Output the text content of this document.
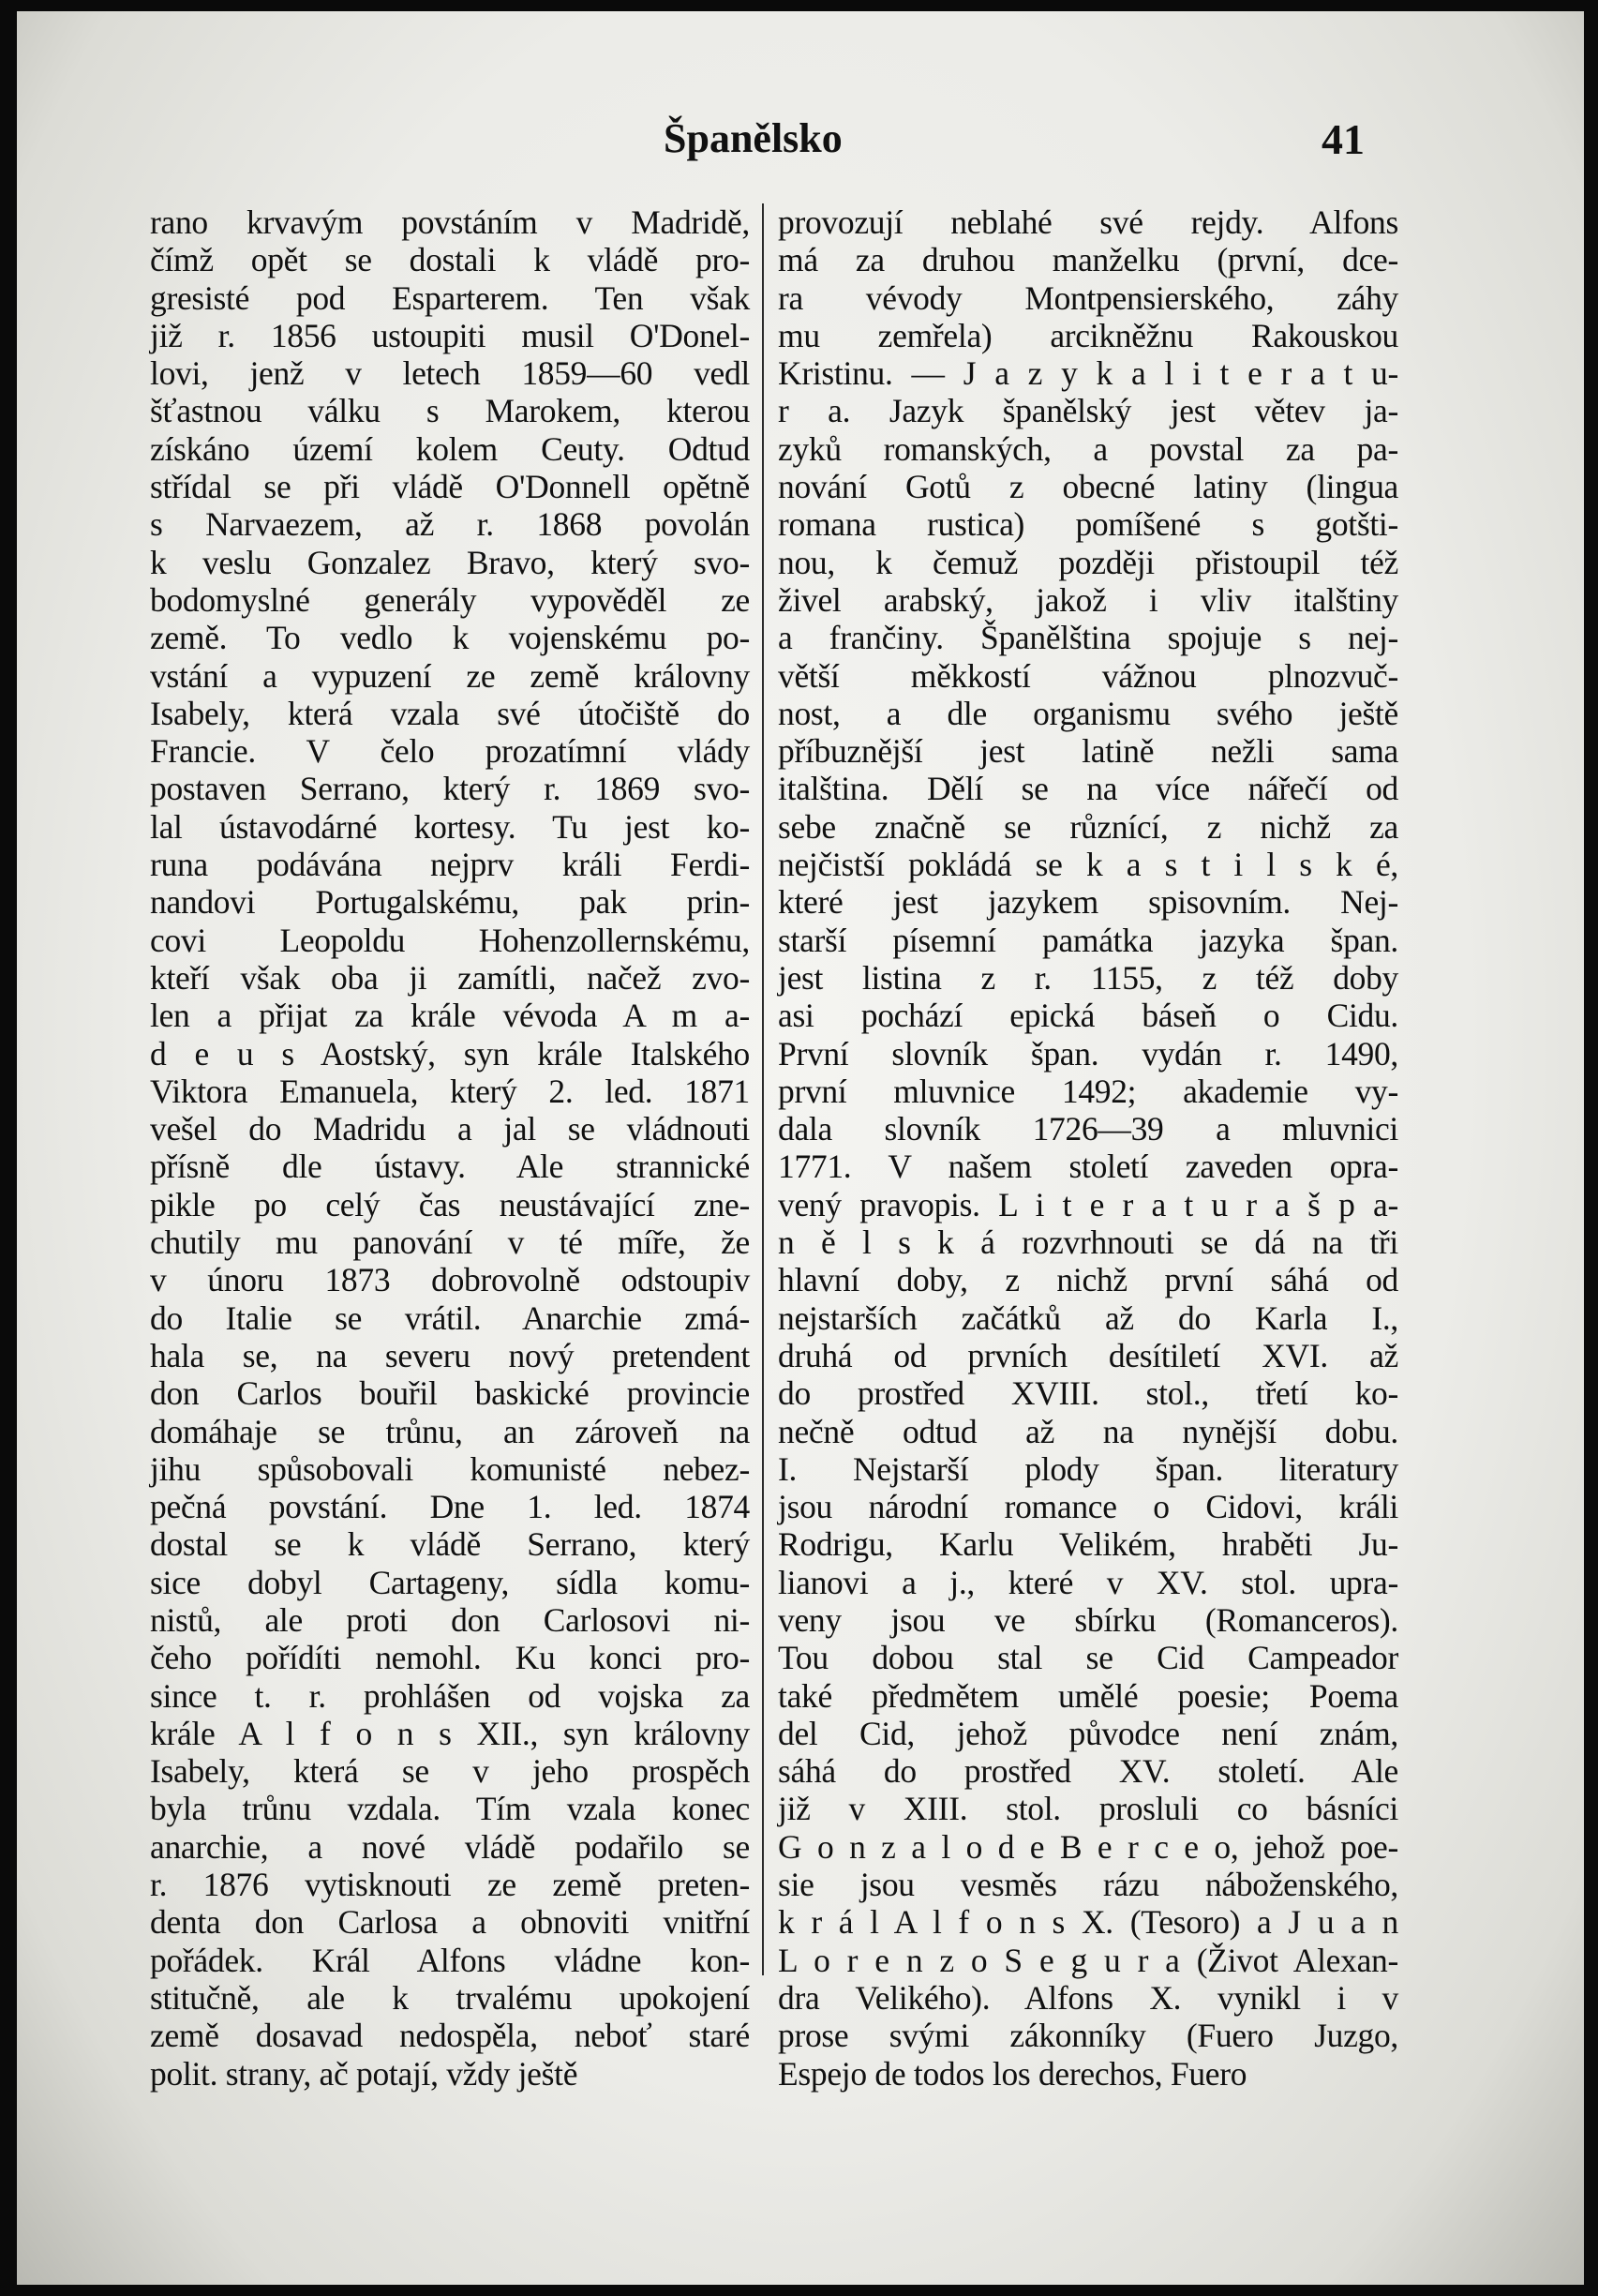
Španělsko	41
rano krvavým povstáním v Madridě,
čímž opět se dostali k vládě pro-
gresisté pod Esparterem. Ten však
již r. 1856 ustoupiti musil O'Donel-
lovi, jenž v letech 1859—60 vedl
šťastnou válku s Marokem, kterou
získáno území kolem Ceuty. Odtud
střídal se při vládě O'Donnell opětně
s Narvaezem, až r. 1868 povolán
k veslu Gonzalez Bravo, který svo-
bodomyslné generály vypověděl ze
země. To vedlo k vojenskému po-
vstání a vypuzení ze země královny
Isabely, která vzala své útočiště do
Francie. V čelo prozatímní vlády
postaven Serrano, který r. 1869 svo-
lal ústavodárné kortesy. Tu jest ko-
runa podávána nejprv králi Ferdi-
nandovi Portugalskému, pak prin-
covi Leopoldu Hohenzollernskému,
kteří však oba ji zamítli, načež zvo-
len a přijat za krále vévoda A m a-
d e u s Aostský, syn krále Italského
Viktora Emanuela, který 2. led. 1871
vešel do Madridu a jal se vládnouti
přísně dle ústavy. Ale strannické
pikle po celý čas neustávající zne-
chutily mu panování v té míře, že
v únoru 1873 dobrovolně odstoupiv
do Italie se vrátil. Anarchie zmá-
hala se, na severu nový pretendent
don Carlos bouřil baskické provincie
domáhaje se trůnu, an zároveň na
jihu spůsobovali komunisté nebez-
pečná povstání. Dne 1. led. 1874
dostal se k vládě Serrano, který
sice dobyl Cartageny, sídla komu-
nistů, ale proti don Carlosovi ni-
čeho pořídíti nemohl. Ku konci pro-
since t. r. prohlášen od vojska za
krále A l f o n s XII., syn královny
Isabely, která se v jeho prospěch
byla trůnu vzdala. Tím vzala konec
anarchie, a nové vládě podařilo se
r. 1876 vytisknouti ze země preten-
denta don Carlosa a obnoviti vnitřní
pořádek. Král Alfons vládne kon-
stitučně, ale k trvalému upokojení
země dosavad nedospěla, neboť staré
polit. strany, ač potají, vždy ještě
provozují neblahé své rejdy. Alfons
má za druhou manželku (první, dce-
ra vévody Montpensierského, záhy
mu zemřela) arcikněžnu Rakouskou
Kristinu. — J a z y k a l i t e r a t u-
r a. Jazyk španělský jest větev ja-
zyků romanských, a povstal za pa-
nování Gotů z obecné latiny (lingua
romana rustica) pomíšené s gotšti-
nou, k čemuž později přistoupil též
živel arabský, jakož i vliv italštiny
a frančiny. Španělština spojuje s nej-
větší měkkostí vážnou plnozvuč-
nost, a dle organismu svého ještě
příbuznější jest latině nežli sama
italština. Dělí se na více nářečí od
sebe značně se různící, z nichž za
nejčistší pokládá se k a s t i l s k é,
které jest jazykem spisovním. Nej-
starší písemní památka jazyka špan.
jest listina z r. 1155, z též doby
asi pochází epická báseň o Cidu.
První slovník špan. vydán r. 1490,
první mluvnice 1492; akademie vy-
dala slovník 1726—39 a mluvnici
1771. V našem století zaveden opra-
vený pravopis. L i t e r a t u r a š p a-
n ě l s k á rozvrhnouti se dá na tři
hlavní doby, z nichž první sáhá od
nejstarších začátků až do Karla I.,
druhá od prvních desítiletí XVI. až
do prostřed XVIII. stol., třetí ko-
nečně odtud až na nynější dobu.
I. Nejstarší plody špan. literatury
jsou národní romance o Cidovi, králi
Rodrigu, Karlu Velikém, hraběti Ju-
lianovi a j., které v XV. stol. upra-
veny jsou ve sbírku (Romanceros).
Tou dobou stal se Cid Campeador
také předmětem umělé poesie; Poema
del Cid, jehož původce není znám,
sáhá do prostřed XV. století. Ale
již v XIII. stol. prosluli co básníci
G o n z a l o d e B e r c e o, jehož poe-
sie jsou vesměs rázu náboženského,
k r á l A l f o n s X. (Tesoro) a J u a n
L o r e n z o S e g u r a (Život Alexan-
dra Velikého). Alfons X. vynikl i v
prose svými zákonníky (Fuero Juzgo,
Espejo de todos los derechos, Fuero
